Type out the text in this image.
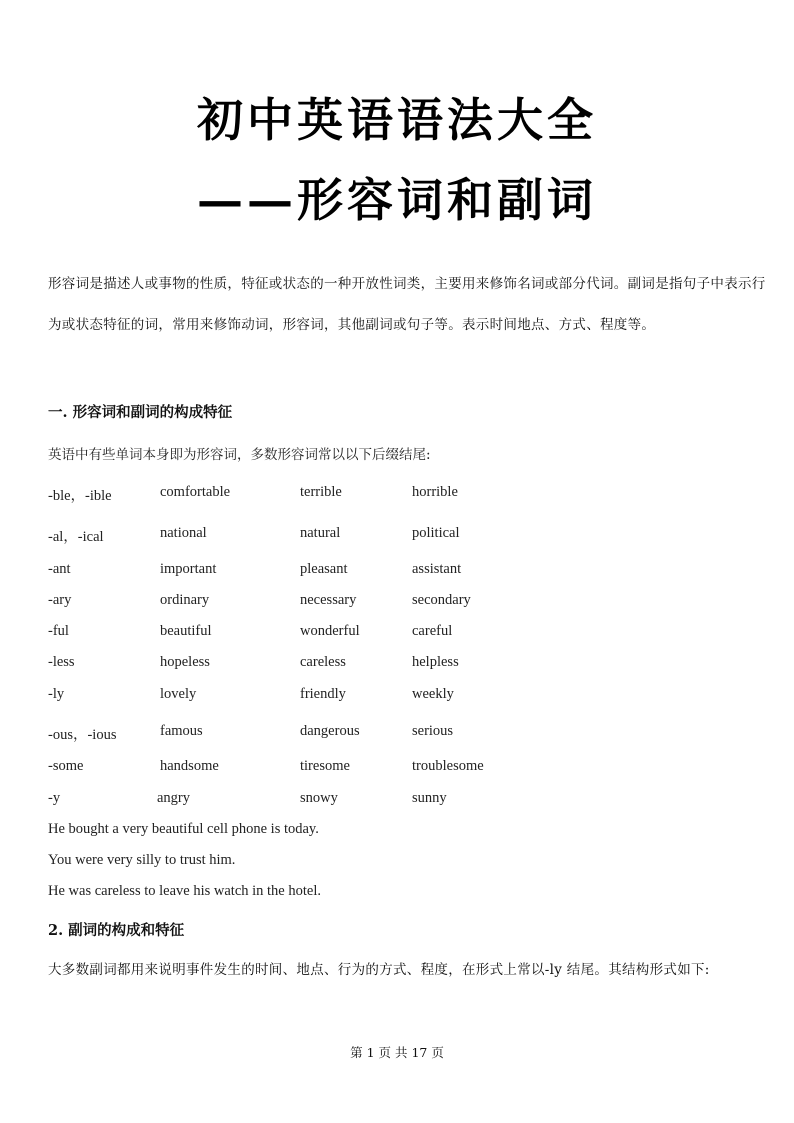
初中英语语法大全
——形容词和副词
形容词是描述人或事物的性质，特征或状态的一种开放性词类，主要用来修饰名词或部分代词。副词是指句子中表示行为或状态特征的词，常用来修饰动词，形容词，其他副词或句子等。表示时间地点、方式、程度等。
一. 形容词和副词的构成特征
英语中有些单词本身即为形容词，多数形容词常以以下后缀结尾:
-ble，-ible	comfortable	terrible	horrible
-al，-ical	national	natural	political
-ant	important	pleasant	assistant
-ary	ordinary	necessary	secondary
-ful	beautiful	wonderful	careful
-less	hopeless	careless	helpless
-ly	lovely	friendly	weekly
-ous，-ious	famous	dangerous	serious
-some	handsome	tiresome	troublesome
-y	angry	snowy	sunny
He bought a very beautiful cell phone is today.
You were very silly to trust him.
He was careless to leave his watch in the hotel.
2. 副词的构成和特征
大多数副词都用来说明事件发生的时间、地点、行为的方式、程度，在形式上常以-ly 结尾。其结构形式如下:
第 1 页 共 17 页
